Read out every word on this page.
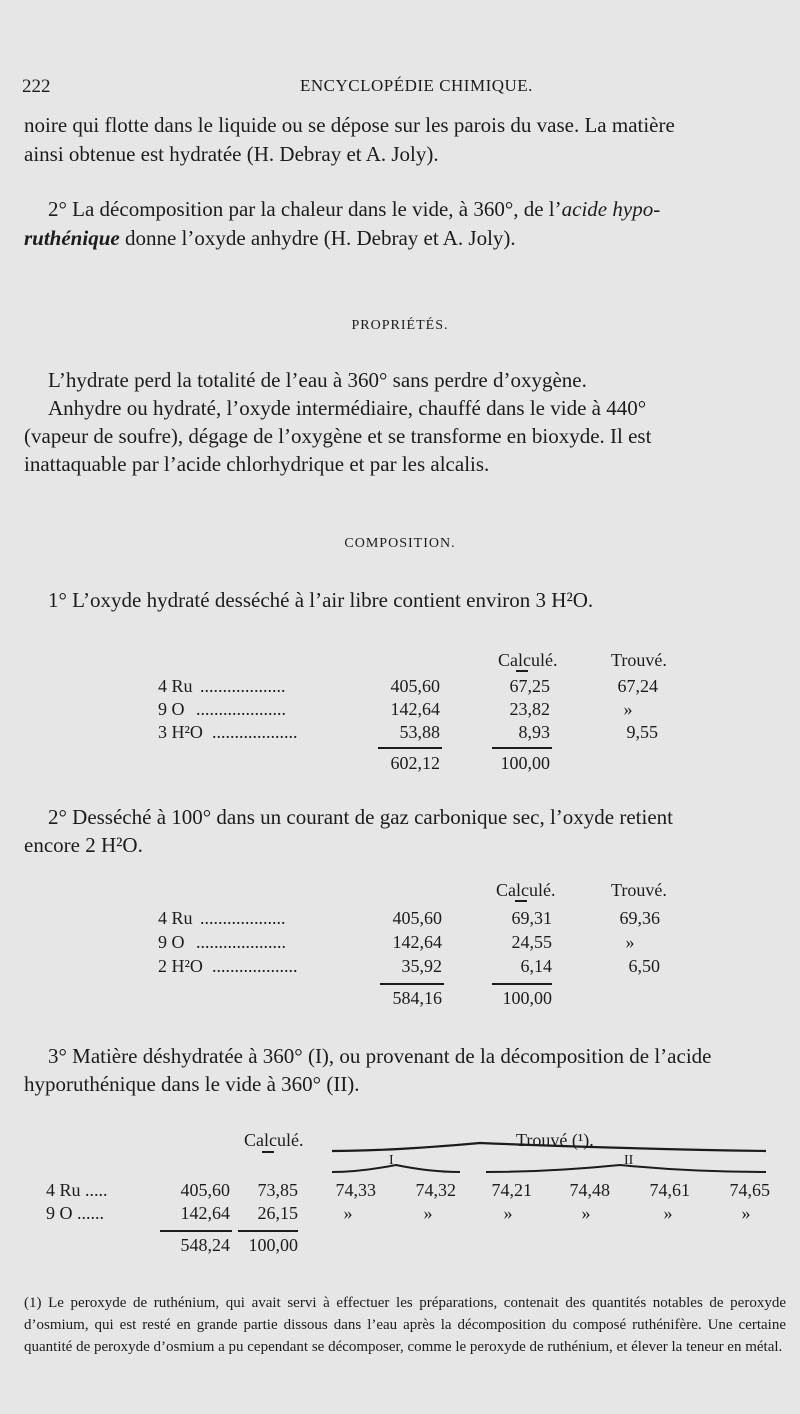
222	ENCYCLOPÉDIE CHIMIQUE.
noire qui flotte dans le liquide ou se dépose sur les parois du vase. La matière
ainsi obtenue est hydratée (H. Debray et A. Joly).
2° La décomposition par la chaleur dans le vide, à 360°, de l’acide hypo-
ruthénique donne l’oxyde anhydre (H. Debray et A. Joly).
PROPRIÉTÉS.
L’hydrate perd la totalité de l’eau à 360° sans perdre d’oxygène.
Anhydre ou hydraté, l’oxyde intermédiaire, chauffé dans le vide à 440°
(vapeur de soufre), dégage de l’oxygène et se transforme en bioxyde. Il est
inattaquable par l’acide chlorhydrique et par les alcalis.
COMPOSITION.
1° L’oxyde hydraté desséché à l’air libre contient environ 3 H²O.
Calculé.	Trouvé.
4 Ru ...................	405,60	67,25	67,24
9 O ....................	142,64	23,82	»
3 H²O ...................	53,88	8,93	9,55
602,12	100,00
2° Desséché à 100° dans un courant de gaz carbonique sec, l’oxyde retient
encore 2 H²O.
Calculé.	Trouvé.
4 Ru ...................	405,60	69,31	69,36
9 O ....................	142,64	24,55	»
2 H²O ...................	35,92	6,14	6,50
584,16	100,00
3° Matière déshydratée à 360° (I), ou provenant de la décomposition de l’acide
hyporuthénique dans le vide à 360° (II).
Calculé.	Trouvé (¹).
I	II
4 Ru .....	405,60	73,85	74,33	74,32	74,21	74,48	74,61	74,65
9 O ......	142,64	26,15	»	»	»	»	»	»
548,24	100,00
(1) Le peroxyde de ruthénium, qui avait servi à effectuer les préparations, contenait des quantités notables de peroxyde d’osmium, qui est resté en grande partie dissous dans l’eau après la décomposition du composé ruthénifère. Une certaine quantité de peroxyde d’osmium a pu cependant se décomposer, comme le peroxyde de ruthénium, et élever la teneur en métal.
